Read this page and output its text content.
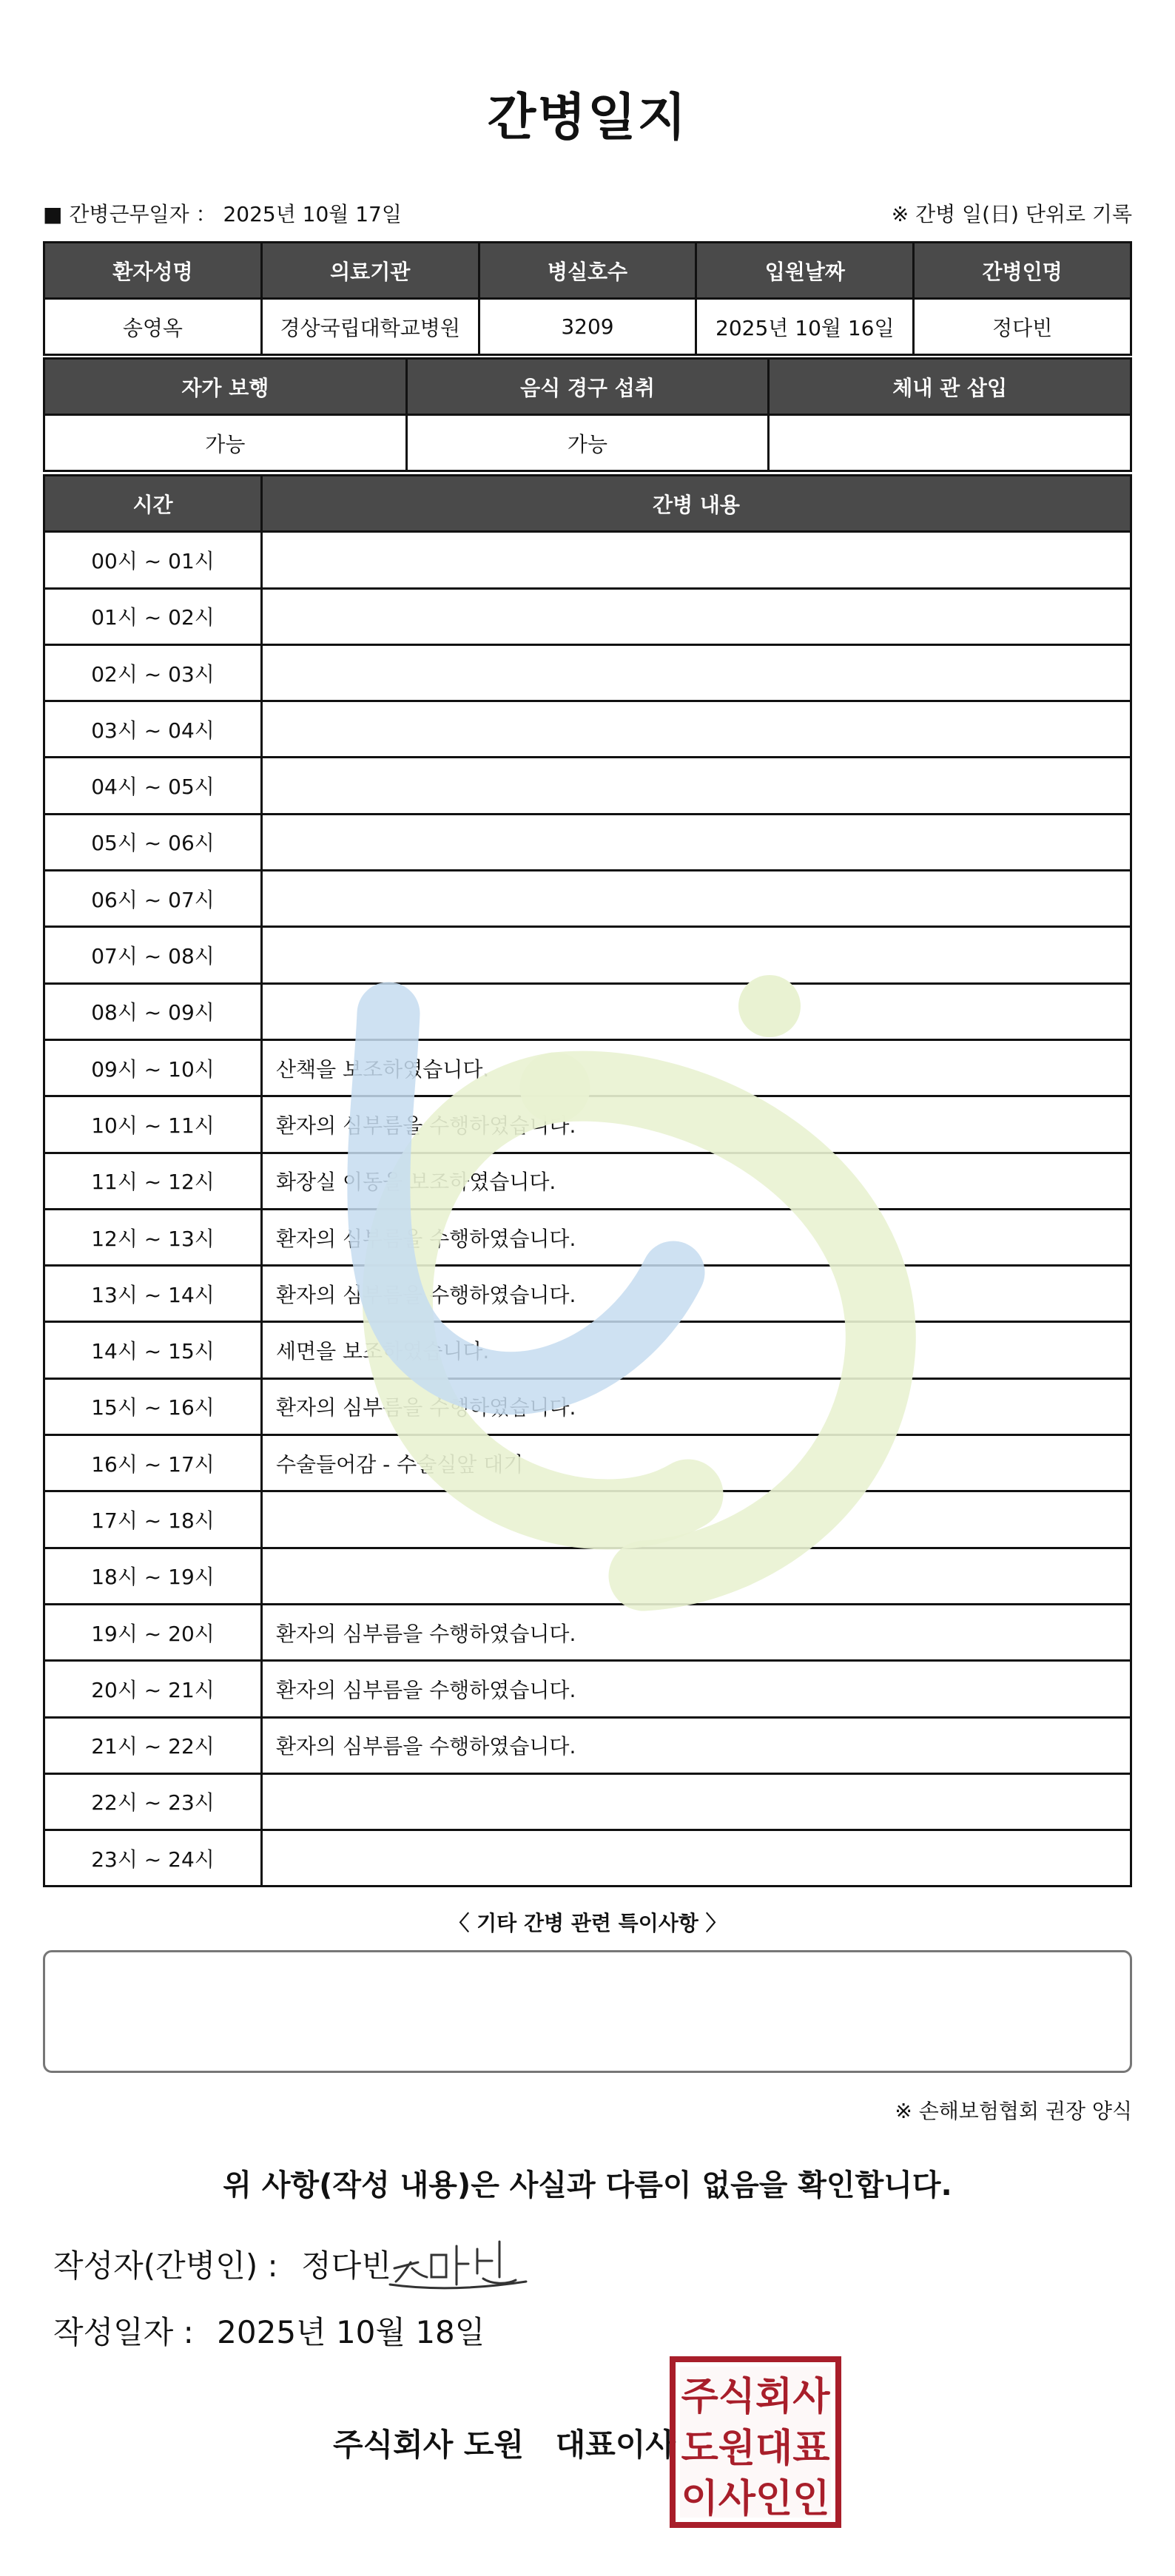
간병일지
■ 간병근무일자 ： 2025년 10월 17일	※ 간병 일(日) 단위로 기록
환자성명	의료기관	병실호수	입원날짜	간병인명
송영옥	경상국립대학교병원	3209	2025년 10월 16일	정다빈
자가 보행	음식 경구 섭취	체내 관 삽입
가능	가능	
시간	간병 내용
00시 ~ 01시	
01시 ~ 02시	
02시 ~ 03시	
03시 ~ 04시	
04시 ~ 05시	
05시 ~ 06시	
06시 ~ 07시	
07시 ~ 08시	
08시 ~ 09시	
09시 ~ 10시	산책을 보조하였습니다.
10시 ~ 11시	환자의 심부름을 수행하였습니다.
11시 ~ 12시	화장실 이동을 보조하였습니다.
12시 ~ 13시	환자의 심부름을 수행하였습니다.
13시 ~ 14시	환자의 심부름을 수행하였습니다.
14시 ~ 15시	세면을 보조하였습니다.
15시 ~ 16시	환자의 심부름을 수행하였습니다.
16시 ~ 17시	수술들어감 - 수술실앞 대기
17시 ~ 18시	
18시 ~ 19시	
19시 ~ 20시	환자의 심부름을 수행하였습니다.
20시 ~ 21시	환자의 심부름을 수행하였습니다.
21시 ~ 22시	환자의 심부름을 수행하였습니다.
22시 ~ 23시	
23시 ~ 24시	
〈 기타 간병 관련 특이사항 〉
※ 손해보험협회 권장 양식
위 사항(작성 내용)은 사실과 다름이 없음을 확인합니다.
작성자(간병인) : 정다빈
작성일자 : 2025년 10월 18일
주식회사 도원 대표이사
주식회사
도원대표
이사인인
